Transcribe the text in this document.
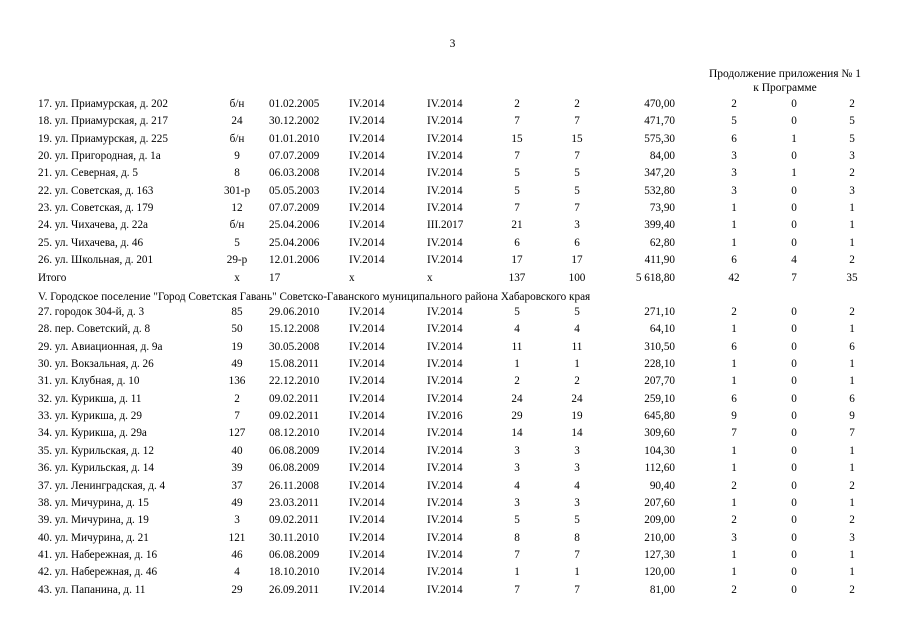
3
Продолжение приложения № 1
к Программе
17. ул. Приамурская, д. 202	б/н 01.02.2005	IV.2014	IV.2014	2	2	470,00	2	0	2
18. ул. Приамурская, д. 217	24 30.12.2002	IV.2014	IV.2014	7	7	471,70	5	0	5
19. ул. Приамурская, д. 225	б/н 01.01.2010	IV.2014	IV.2014	15	15	575,30	6	1	5
20. ул. Пригородная, д. 1а	9	07.07.2009	IV.2014	IV.2014	7	7	84,00	3	0	3
21. ул. Северная, д. 5	8	06.03.2008	IV.2014	IV.2014	5	5	347,20	3	1	2
22. ул. Советская, д. 163	301-р 05.05.2003	IV.2014	IV.2014	5	5	532,80	3	0	3
23. ул. Советская, д. 179	12 07.07.2009	IV.2014	IV.2014	7	7	73,90	1	0	1
24. ул. Чихачева, д. 22а	б/н 25.04.2006	IV.2014	III.2017	21	3	399,40	1	0	1
25. ул. Чихачева, д. 46	5	25.04.2006	IV.2014	IV.2014	6	6	62,80	1	0	1
26. ул. Школьная, д. 201	29-р 12.01.2006	IV.2014	IV.2014	17	17	411,90	6	4	2
Итого	х	17	х	х	137	100	5 618,80	42	7	35
V. Городское поселение "Город Советская Гавань" Советско-Гаванского муниципального района Хабаровского края
27. городок 304-й, д. 3	85 29.06.2010	IV.2014	IV.2014	5	5	271,10	2	0	2
28. пер. Советский, д. 8	50 15.12.2008	IV.2014	IV.2014	4	4	64,10	1	0	1
29. ул. Авиационная, д. 9а	19 30.05.2008	IV.2014	IV.2014	11	11	310,50	6	0	6
30. ул. Вокзальная, д. 26	49 15.08.2011	IV.2014	IV.2014	1	1	228,10	1	0	1
31. ул. Клубная, д. 10	136 22.12.2010	IV.2014	IV.2014	2	2	207,70	1	0	1
32. ул. Курикша, д. 11	2	09.02.2011	IV.2014	IV.2014	24	24	259,10	6	0	6
33. ул. Курикша, д. 29	7	09.02.2011	IV.2014	IV.2016	29	19	645,80	9	0	9
34. ул. Курикша, д. 29а	127 08.12.2010	IV.2014	IV.2014	14	14	309,60	7	0	7
35. ул. Курильская, д. 12	40 06.08.2009	IV.2014	IV.2014	3	3	104,30	1	0	1
36. ул. Курильская, д. 14	39 06.08.2009	IV.2014	IV.2014	3	3	112,60	1	0	1
37. ул. Ленинградская, д. 4	37 26.11.2008	IV.2014	IV.2014	4	4	90,40	2	0	2
38. ул. Мичурина, д. 15	49 23.03.2011	IV.2014	IV.2014	3	3	207,60	1	0	1
39. ул. Мичурина, д. 19	3	09.02.2011	IV.2014	IV.2014	5	5	209,00	2	0	2
40. ул. Мичурина, д. 21	121 30.11.2010	IV.2014	IV.2014	8	8	210,00	3	0	3
41. ул. Набережная, д. 16	46 06.08.2009	IV.2014	IV.2014	7	7	127,30	1	0	1
42. ул. Набережная, д. 46	4	18.10.2010	IV.2014	IV.2014	1	1	120,00	1	0	1
43. ул. Папанина, д. 11	29 26.09.2011	IV.2014	IV.2014	7	7	81,00	2	0	2
